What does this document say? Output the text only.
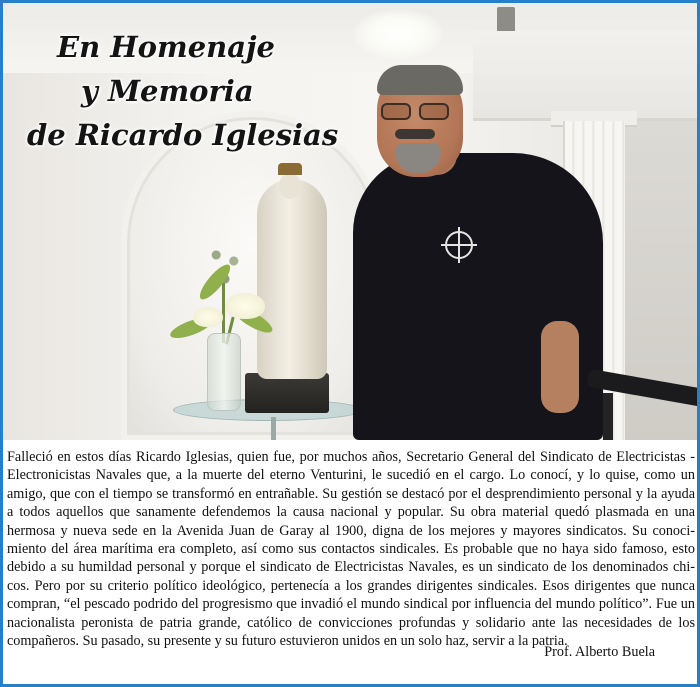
En Homenaje
y Memoria
de Ricardo Iglesias

Falleció en estos días Ricardo Iglesias, quien fue, por muchos años, Secretario General del Sindicato de Electricistas - Electronicistas Navales que, a la muerte del eterno Venturini, le sucedió en el cargo. Lo conocí, y lo quise, como un amigo, que con el tiempo se transformó en entrañable. Su gestión se destacó por el desprendimiento personal y la ayuda a todos aquellos que sanamente defendemos la causa nacional y popular. Su obra material quedó plasmada en una hermosa y nueva sede en la Avenida Juan de Garay al 1900, digna de los mejores y mayores sindicatos. Su conoci-miento del área marítima era completo, así como sus contactos sindicales. Es probable que no haya sido famoso, esto debido a su humildad personal y porque el sindicato de Electricistas Navales, es un sindicato de los denominados chi-cos. Pero por su criterio político ideológico, pertenecía a los grandes dirigentes sindicales. Esos dirigentes que nunca compran, “el pescado podrido del progresismo que invadió el mundo sindical por influencia del mundo político”. Fue un nacionalista peronista de patria grande, católico de convicciones profundas y solidario ante las necesidades de los compañeros. Su pasado, su presente y su futuro estuvieron unidos en un solo haz, servir a la patria.

Prof. Alberto Buela
